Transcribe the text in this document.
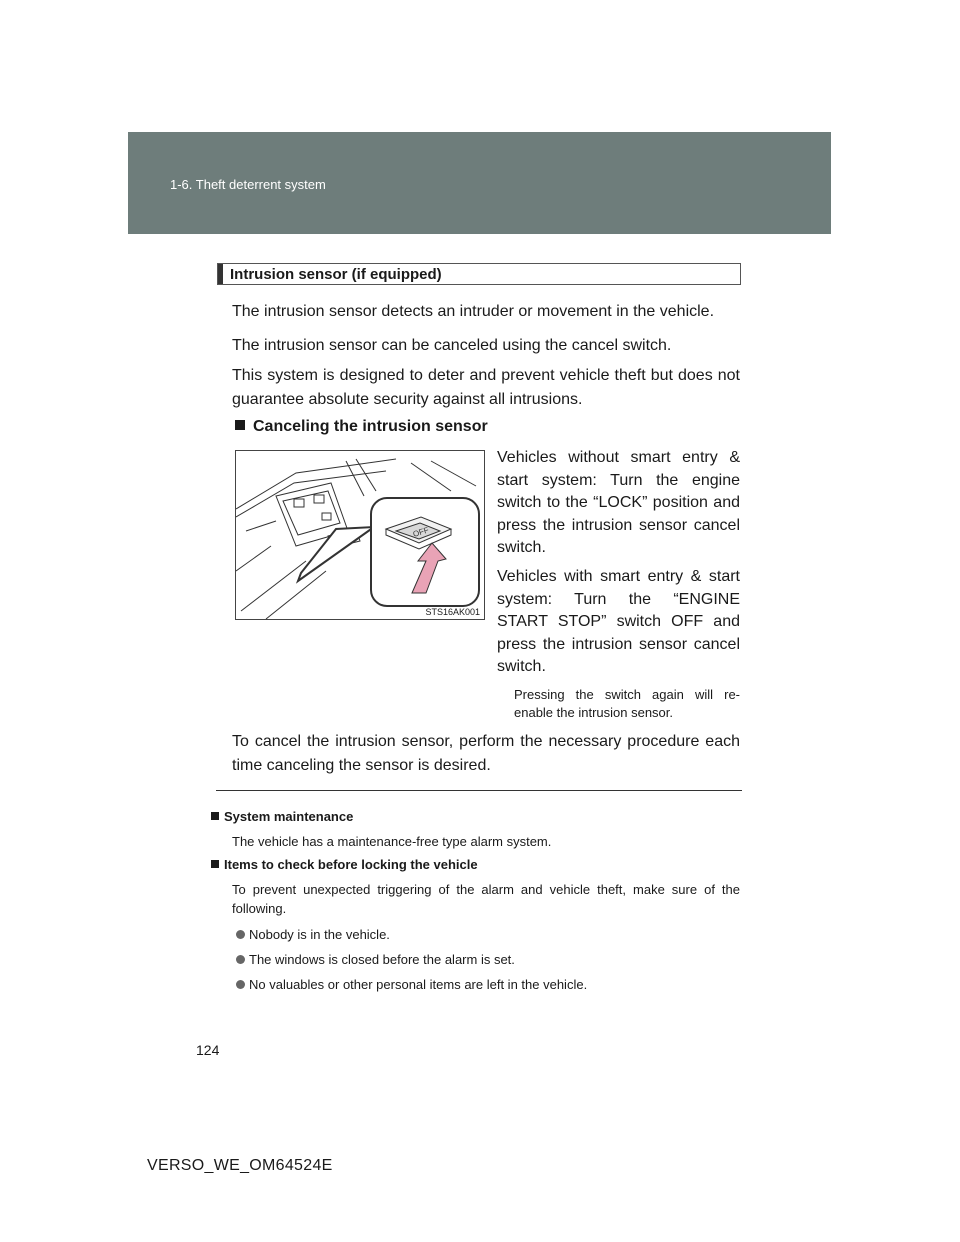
1-6. Theft deterrent system
Intrusion sensor (if equipped)

The intrusion sensor detects an intruder or movement in the vehicle.

The intrusion sensor can be canceled using the cancel switch.

This system is designed to deter and prevent vehicle theft but does not guarantee absolute security against all intrusions.

Canceling the intrusion sensor
OFF
STS16AK001

Vehicles without smart entry & start system: Turn the engine switch to the “LOCK” position and press the intrusion sensor cancel switch.

Vehicles with smart entry & start system: Turn the “ENGINE START STOP” switch OFF and press the intrusion sensor cancel switch.

Pressing the switch again will re-enable the intrusion sensor.

To cancel the intrusion sensor, perform the necessary procedure each time canceling the sensor is desired.

System maintenance

The vehicle has a maintenance-free type alarm system.

Items to check before locking the vehicle

To prevent unexpected triggering of the alarm and vehicle theft, make sure of the following.

Nobody is in the vehicle.
The windows is closed before the alarm is set.
No valuables or other personal items are left in the vehicle.
124
VERSO_WE_OM64524E
